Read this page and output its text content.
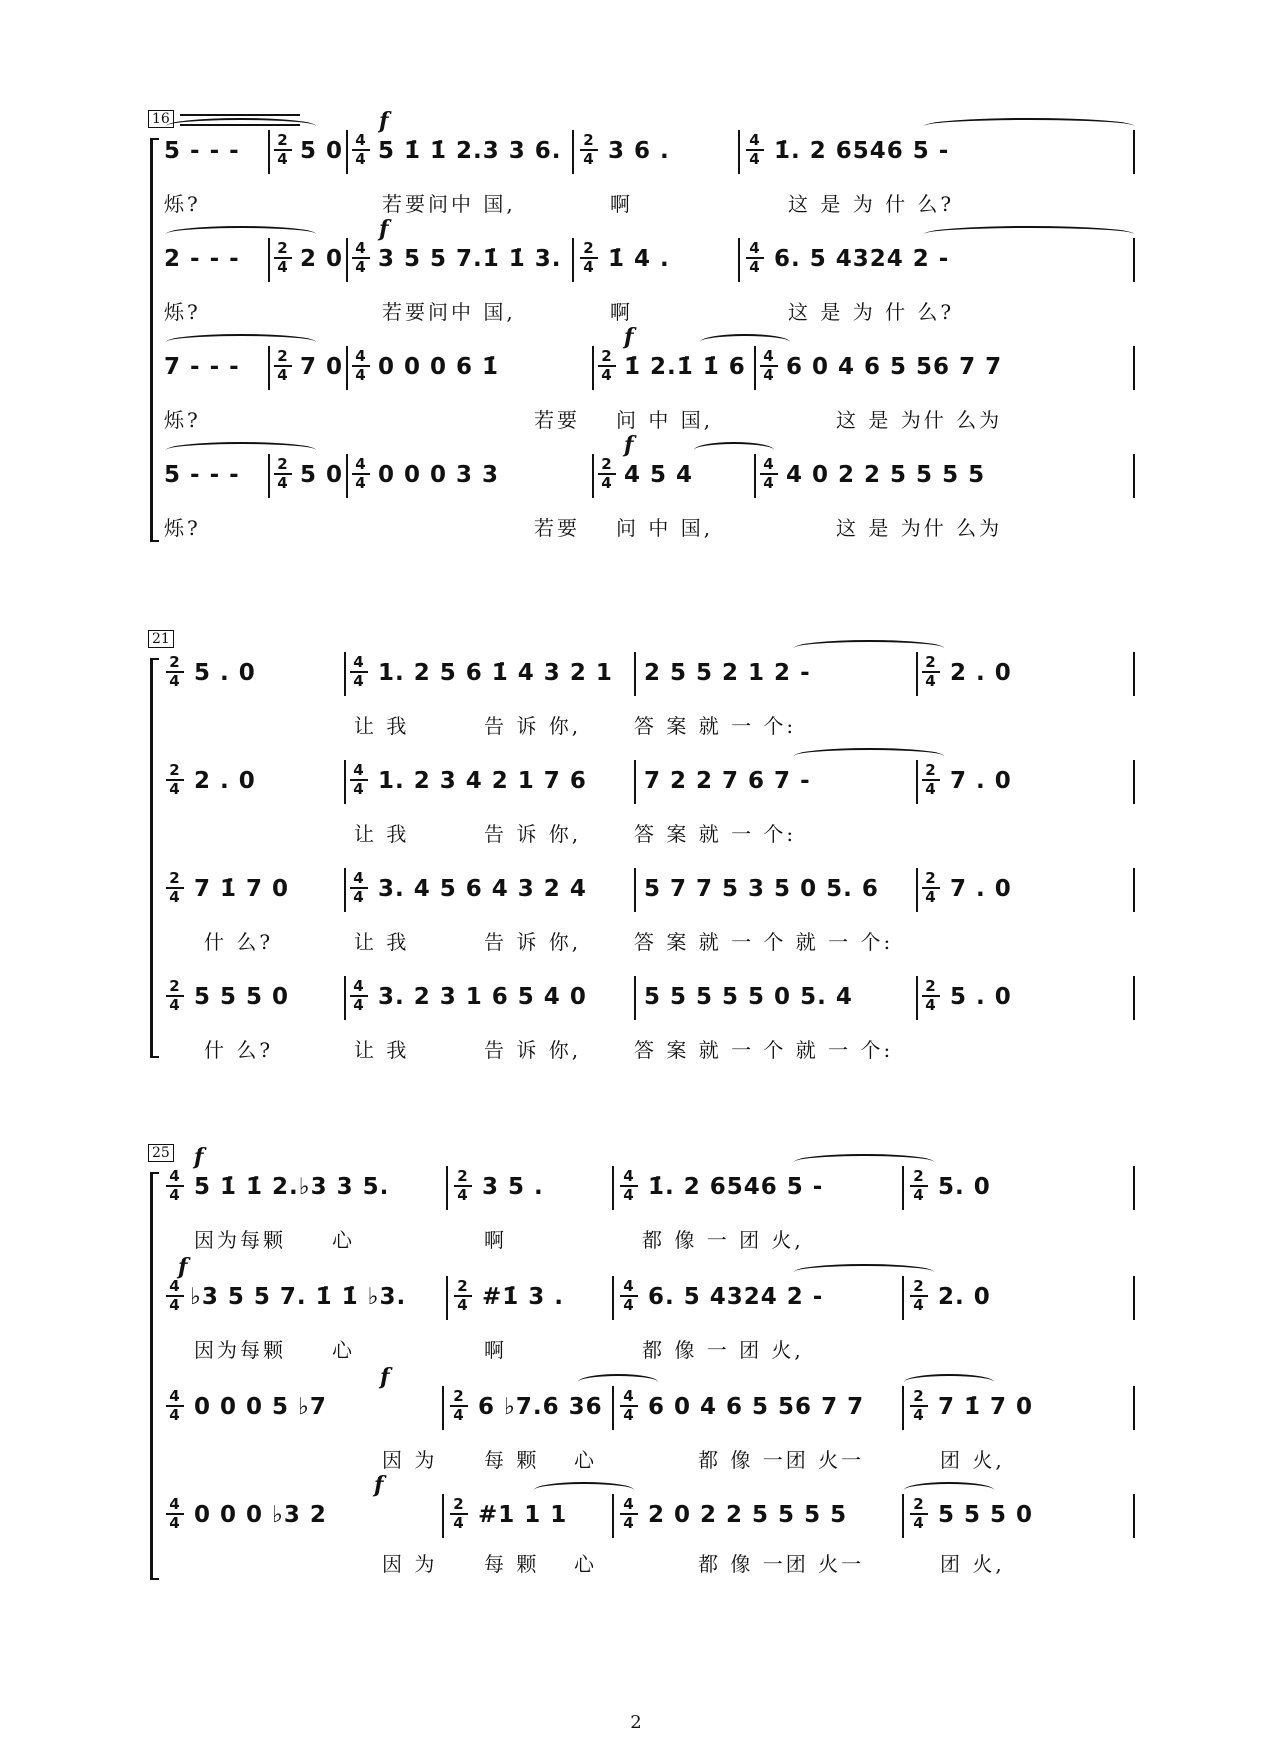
16
5 - - -	2
4 5 0 4
4
f
5 1̇ 1̇ 2.3 3 6. 2
4 3 6 .	4
4 1̇. 2 6546 5 -
烁?	若要问中 国,	啊	这 是 为 什 么?
2 - - -	2
4 2 0 4
4
f
3 5 5 7.1̇ 1̇ 3. 2
4 1̇ 4 .	4
4 6. 5 4324 2 -
烁?	若要问中 国,	啊	这 是 为 什 么?
7 - - -	2
4 7 0 4
4 0 0 0 6 1̇	2
4
f
1̇ 2.1̇ 1̇ 6 4
4 6 0 4 6 5 56 7 7
烁?	若要 问 中 国,	这 是 为什 么为
5 - - -	2
4 5 0 4
4 0 0 0 3 3	2
4
f
4 5 4	4
4 4 0 2 2 5 5 5 5
烁?	若要 问 中 国,	这 是 为什 么为
21
2
4 5 . 0	4
4 1. 2 5 6 1̇ 4 3 2 1 2 5 5 2 1 2 -	2
4 2 . 0
让 我	告 诉 你,	答 案 就 一 个:
2
4 2 . 0	4
4 1. 2 3 4 2 1 7 6 7 2 2 7 6 7 -	2
4 7 . 0
让 我	告 诉 你,	答 案 就 一 个:
2
4 7 1̇ 7 0	4
4 3. 4 5 6 4 3 2 4 5 7 7 5 3 5 0 5. 6	2
4 7 . 0
什 么?	让 我	告 诉 你,	答 案 就 一 个 就 一 个:
2
4 5 5 5 0	4
4 3. 2 3 1 6 5 4 0 5 5 5 5 5 0 5. 4	2
4 5 . 0
什 么?	让 我	告 诉 你,	答 案 就 一 个 就 一 个:
25
4
4
f
5 1̇ 1̇ 2.♭3 3 5.	2
4 3 5 .	4
4 1̇. 2 6546 5 -	2
4 5. 0
因为每颗 心	啊	都 像 一 团 火,
4
4
f
♭3 5 5 7. 1̇ 1̇ ♭3.	2
4 #1̇ 3 .	4
4 6. 5 4324 2 -	2
4 2. 0
因为每颗 心	啊	都 像 一 团 火,
4
4 0 0 0 5 ♭7
f
2
4 6 ♭7.6 36 4
4 6 0 4 6 5 56 7 7	2
4 7 1̇ 7 0
因 为 每 颗 心	都 像 一团 火一	团 火,
4
4 0 0 0 ♭3 2
f
2
4 #1 1 1	4
4 2 0 2 2 5 5 5 5	2
4 5 5 5 0
因 为 每 颗 心	都 像 一团 火一	团 火,
2
